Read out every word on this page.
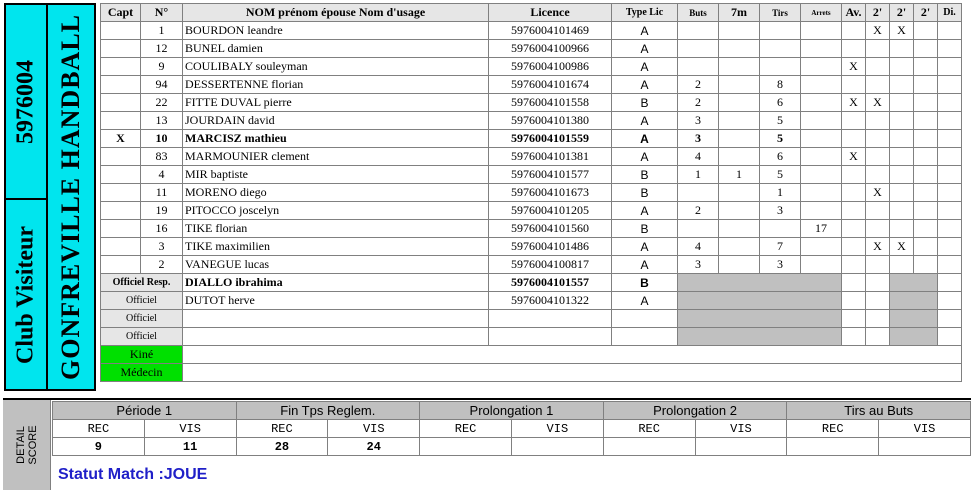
5976004
Club Visiteur GONFREVILLE HANDBALL
Capt	N°	NOM prénom épouse Nom d'usage	Licence	Type Lic	Buts	7m	Tirs	Arrets	Av.	2'	2'	2'	Di.
	1	BOURDON leandre	5976004101469	A						X	X		
	12	BUNEL damien	5976004100966	A									
	9	COULIBALY souleyman	5976004100986	A					X				
	94	DESSERTENNE florian	5976004101674	A	2		8						
	22	FITTE DUVAL pierre	5976004101558	B	2		6		X	X			
	13	JOURDAIN david	5976004101380	A	3		5						
X	10	MARCISZ mathieu	5976004101559	A	3		5						
	83	MARMOUNIER clement	5976004101381	A	4		6		X				
	4	MIR baptiste	5976004101577	B	1	1	5						
	11	MORENO diego	5976004101673	B			1			X			
	19	PITOCCO joscelyn	5976004101205	A	2		3						
	16	TIKE florian	5976004101560	B				17					
	3	TIKE maximilien	5976004101486	A	4		7			X	X		
	2	VANEGUE lucas	5976004100817	A	3		3						
Officiel Resp.		DIALLO ibrahima	5976004101557	B									
Officiel		DUTOT herve	5976004101322	A									
Officiel													
Officiel													
Kiné													
Médecin													
DETAIL
SCORE
Période 1		Fin Tps Reglem.		Prolongation 1		Prolongation 2		Tirs au Buts	
REC	VIS	REC	VIS	REC	VIS	REC	VIS	REC	VIS
9	11	28	24						
Statut Match :JOUE
